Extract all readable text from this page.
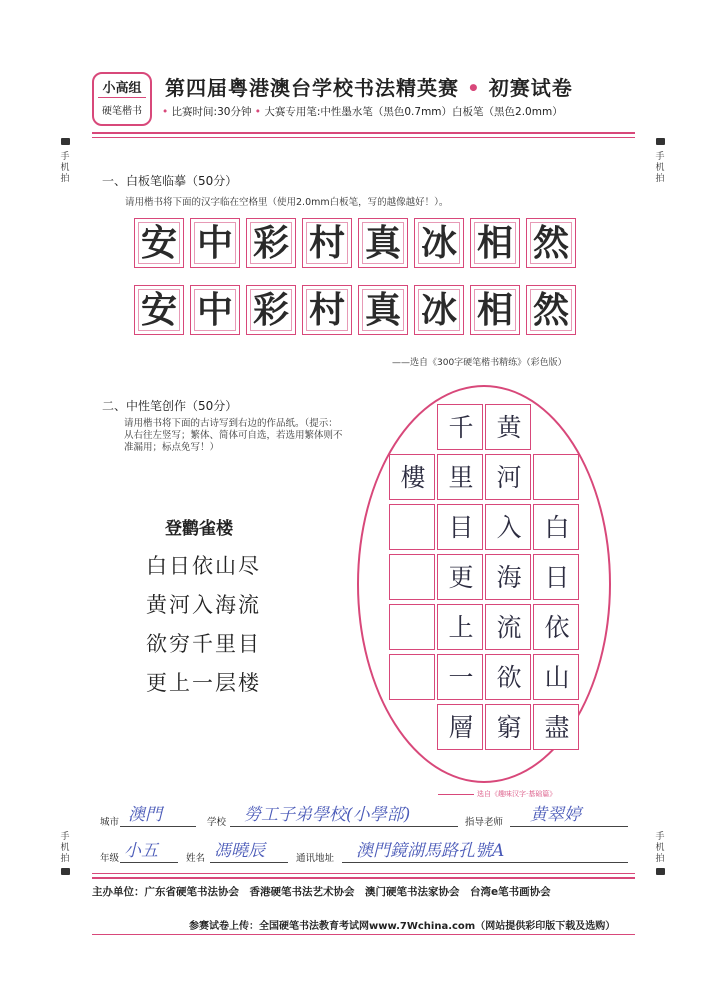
小高组
硬笔楷书
第四届粤港澳台学校书法精英赛 • 初赛试卷
• 比赛时间:30分钟 • 大赛专用笔:中性墨水笔（黑色0.7mm）白板笔（黑色2.0mm）
手
机
拍
手
机
拍
手
机
拍
手
机
拍
一、白板笔临摹（50分）
请用楷书将下面的汉字临在空格里（使用2.0mm白板笔，写的越像越好！）。
安 中 彩 村 真 冰 相 然
安 中 彩 村 真 冰 相 然
——选自《300字硬笔楷书精练》（彩色版）
二、中性笔创作（50分）
请用楷书将下面的古诗写到右边的作品纸。（提示：从右往左竖写；繁体、简体可自选，若选用繁体则不准漏用；标点免写！）
登鹳雀楼
白日依山尽
黄河入海流
欲穷千里目
更上一层楼
白
日
依
山
盡
黄
河
入
海
流
欲
窮
千
里
目
更
上
一
層
樓
选自《趣味汉字·基础篇》
城市 澳門	学校 勞工子弟學校(小學部)	指导老师 黄翠婷
年级 小五	姓名 馮曉辰	通讯地址 澳門鏡湖馬路孔號A
主办单位：广东省硬笔书法协会　香港硬笔书法艺术协会　澳门硬笔书法家协会　台湾e笔书画协会
参赛试卷上传：全国硬笔书法教育考试网www.7Wchina.com（网站提供彩印版下载及选购）
